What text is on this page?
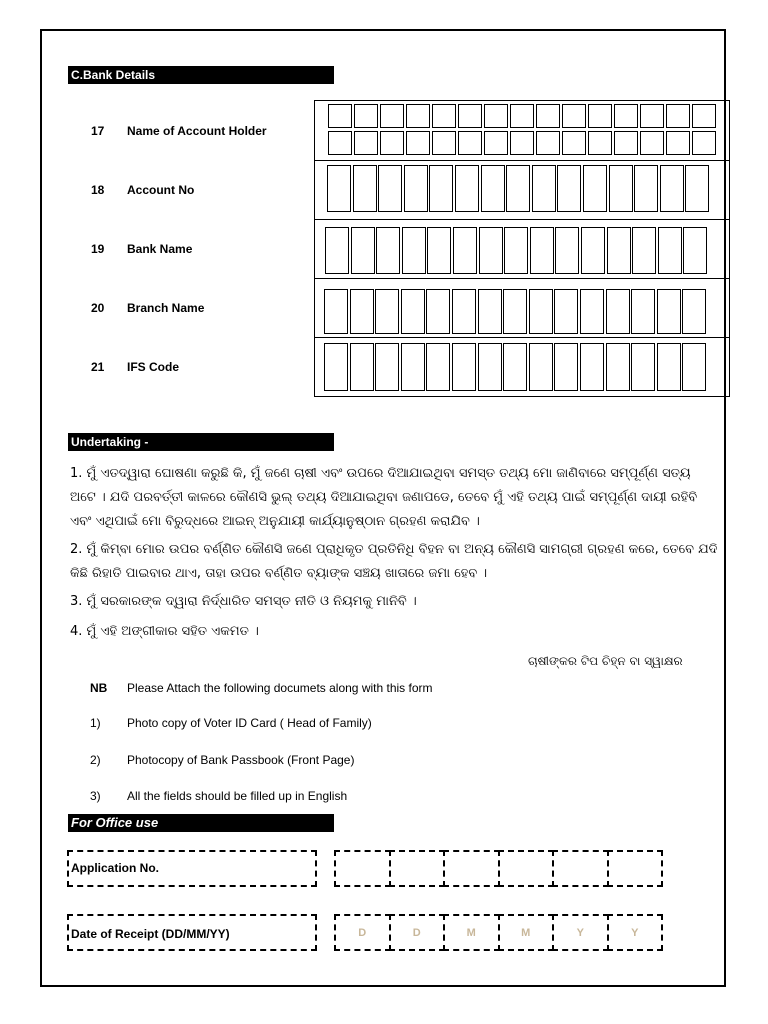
C.Bank Details
17 Name of Account Holder
18 Account No
19 Bank Name
20 Branch Name
21 IFS Code
Undertaking -
1. ମୁଁ ଏତଦ୍ୱାରା ଘୋଷଣା କରୁଛି କି, ମୁଁ ଜଣେ ଚାଷୀ ଏବଂ ଉପରେ ଦିଆଯାଇଥିବା ସମସ୍ତ ତଥ୍ୟ ମୋ ଜାଣିବାରେ ସମ୍ପୂର୍ଣ୍ଣ ସତ୍ୟ ଅଟେ । ଯଦି ପରବର୍ତ୍ତୀ କାଳରେ କୌଣସି ଭୁଲ୍ ତଥ୍ୟ ଦିଆଯାଇଥିବା ଜଣାପଡେ, ତେବେ ମୁଁ ଏହି ତଥ୍ୟ ପାଇଁ ସମ୍ପୂର୍ଣ୍ଣ ଦାୟୀ ରହିବି ଏବଂ ଏଥିପାଇଁ ମୋ ବିରୁଦ୍ଧରେ ଆଇନ୍ ଅନୁଯାୟୀ କାର୍ଯ୍ୟାନୁଷ୍ଠାନ ଗ୍ରହଣ କରାଯିବ ।
2. ମୁଁ କିମ୍ବା ମୋର ଉପର ବର୍ଣ୍ଣିତ କୌଣସି ଜଣେ ପ୍ରାଧିକୃତ ପ୍ରତିନିଧି ବିହନ ବା ଅନ୍ୟ କୌଣସି ସାମଗ୍ରୀ ଗ୍ରହଣ କରେ, ତେବେ ଯଦି କିଛି ରିହାତି ପାଇବାର ଥାଏ, ତାହା ଉପର ବର୍ଣ୍ଣିତ ବ୍ୟାଙ୍କ ସଞ୍ଚୟ ଖାତାରେ ଜମା ହେବ ।
3. ମୁଁ ସରକାରଙ୍କ ଦ୍ୱାରା ନିର୍ଦ୍ଧାରିତ ସମସ୍ତ ନୀତି ଓ ନିୟମକୁ ମାନିବି ।
4. ମୁଁ ଏହି ଅଙ୍ଗୀକାର ସହିତ ଏକମତ ।
ଚାଷୀଙ୍କର ଟିପ ଚିହ୍ନ ବା ସ୍ୱାକ୍ଷର
NB Please Attach the following documets along with this form
1) Photo copy of Voter ID Card ( Head of Family)
2) Photocopy of Bank Passbook (Front Page)
3) All the fields should be filled up in English
For Office use
Application No.
Date of Receipt (DD/MM/YY)	D	D	M	M	Y	Y
